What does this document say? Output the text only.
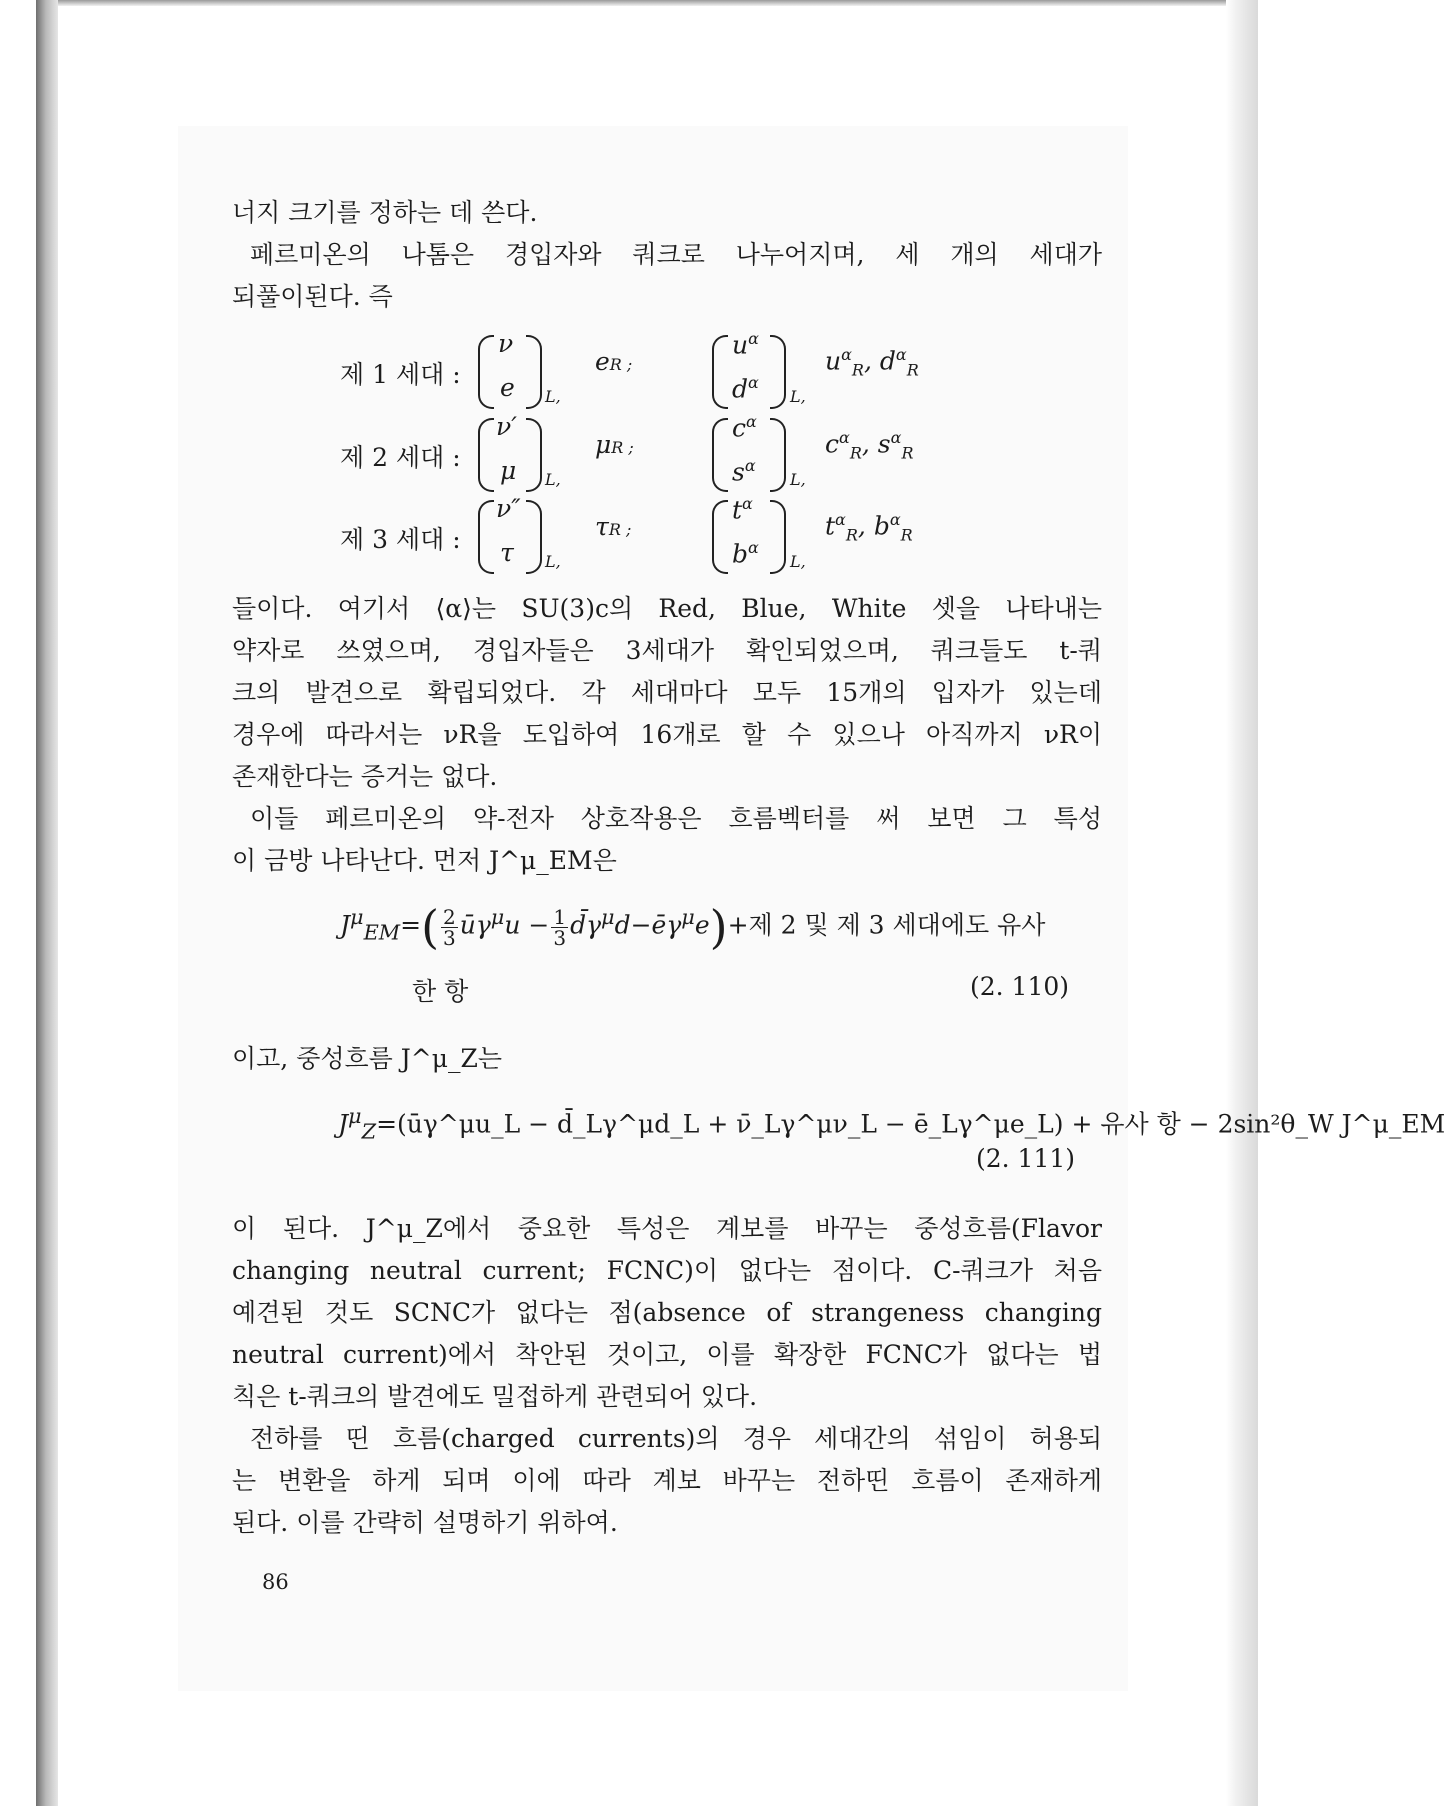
너지 크기를 정하는 데 쓴다.
페르미온의 나톰은 경입자와 쿼크로 나누어지며, 세 개의 세대가
되풀이된다. 즉
제 1 세대 :
ν
e L,
eR ;
$u^\alpha$
$d^\alpha$
L,
$u^\alpha_R$, $d^\alpha_R$
제 2 세대 :
ν′
μ L,
μR ;
$c^\alpha$
$s^\alpha$
L,
$c^\alpha_R$, $s^\alpha_R$
제 3 세대 :
ν″
τ L,
τR ;
$t^\alpha$
$b^\alpha$
L,
$t^\alpha_R$, $b^\alpha_R$
들이다. 여기서 ⟨α⟩는 SU(3)c의 Red, Blue, White 셋을 나타내는
약자로 쓰였으며, 경입자들은 3세대가 확인되었으며, 쿼크들도 t-쿼
크의 발견으로 확립되었다. 각 세대마다 모두 15개의 입자가 있는데
경우에 따라서는 νR을 도입하여 16개로 할 수 있으나 아직까지 νR이
존재한다는 증거는 없다.
이들 페르미온의 약-전자 상호작용은 흐름벡터를 써 보면 그 특성
이 금방 나타난다. 먼저 J^μ_EM은
$J^\mu_{EM}=( \frac{2}{3}$ $ū\gamma^\mu u - \frac{1}{3}$ $d̄\gamma^\mu d-ē\gamma^\mu e)+$제 2 및 제 3 세대에도 유사
한 항	(2. 110)
이고, 중성흐름 J^μ_Z는
$J^\mu_Z=(ū\gamma\^{}\mu u\_L$ − d̄_Lγ^μd_L + ν̄_Lγ^μν_L − ē_Lγ^μe_L) + 유사 항 − 2sin²θ_W J^μ_EM
(2. 111)
이 된다. J^μ_Z에서 중요한 특성은 계보를 바꾸는 중성흐름(Flavor
changing neutral current; FCNC)이 없다는 점이다. C-쿼크가 처음
예견된 것도 SCNC가 없다는 점(absence of strangeness changing
neutral current)에서 착안된 것이고, 이를 확장한 FCNC가 없다는 법
칙은 t-쿼크의 발견에도 밀접하게 관련되어 있다.
전하를 띤 흐름(charged currents)의 경우 세대간의 섞임이 허용되
는 변환을 하게 되며 이에 따라 계보 바꾸는 전하띤 흐름이 존재하게
된다. 이를 간략히 설명하기 위하여.
86
